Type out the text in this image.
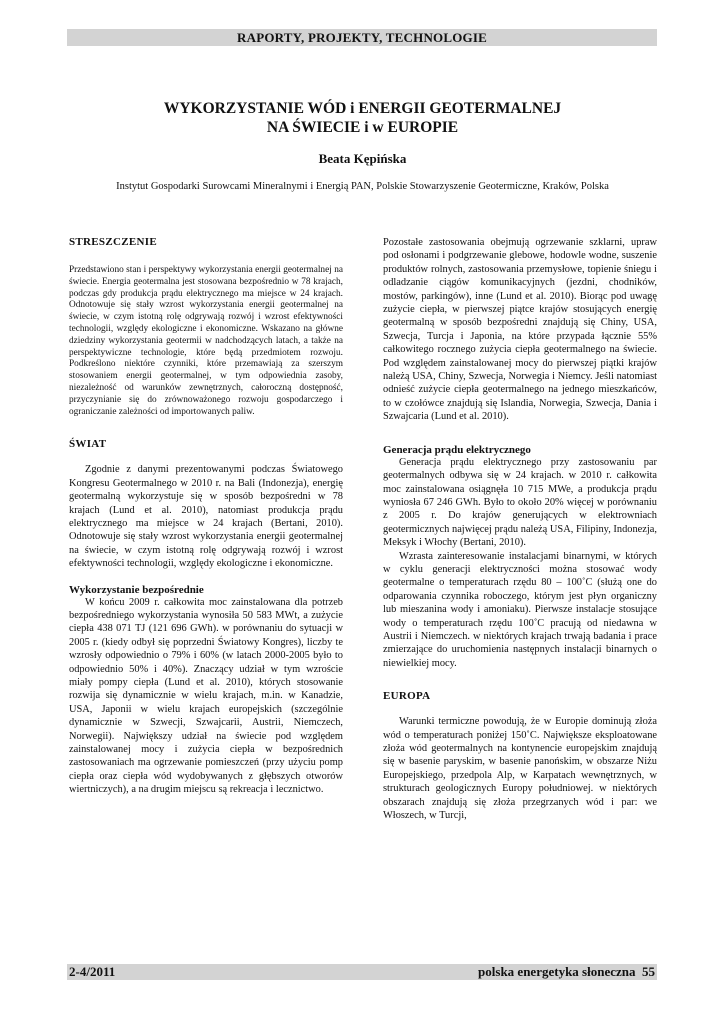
RAPORTY, PROJEKTY, TECHNOLOGIE
WYKORZYSTANIE WÓD i ENERGII GEOTERMALNEJ
NA ŚWIECIE i w EUROPIE
Beata Kępińska
Instytut Gospodarki Surowcami Mineralnymi i Energią PAN, Polskie Stowarzyszenie Geotermiczne, Kraków, Polska
STRESZCZENIE

Przedstawiono stan i perspektywy wykorzystania energii geotermalnej na świecie. Energia geotermalna jest stosowana bezpośrednio w 78 krajach, podczas gdy produkcja prądu elektrycznego ma miejsce w 24 krajach. Odnotowuje się stały wzrost wykorzystania energii geotermalnej na świecie, w czym istotną rolę odgrywają rozwój i wzrost efektywności technologii, względy ekologiczne i ekonomiczne. Wskazano na główne dziedziny wykorzystania geotermii w nadchodzących latach, a także na perspektywiczne technologie, które będą przedmiotem rozwoju. Podkreślono niektóre czynniki, które przemawiają za szerszym stosowaniem energii geotermalnej, w tym odpowiednia zasoby, niezależność od warunków zewnętrznych, całoroczną dostępność, przyczynianie się do zrównoważonego rozwoju gospodarczego i ograniczanie zależności od importowanych paliw.

ŚWIAT

Zgodnie z danymi prezentowanymi podczas Światowego Kongresu Geotermalnego w 2010 r. na Bali (Indonezja), energię geotermalną wykorzystuje się w sposób bezpośredni w 78 krajach (Lund et al. 2010), natomiast produkcja prądu elektrycznego ma miejsce w 24 krajach (Bertani, 2010). Odnotowuje się stały wzrost wykorzystania energii geotermalnej na świecie, w czym istotną rolę odgrywają rozwój i wzrost efektywności technologii, względy ekologiczne i ekonomiczne.

Wykorzystanie bezpośrednie

W końcu 2009 r. całkowita moc zainstalowana dla potrzeb bezpośredniego wykorzystania wynosiła 50 583 MWt, a zużycie ciepła 438 071 TJ (121 696 GWh). w porównaniu do sytuacji w 2005 r. (kiedy odbył się poprzedni Światowy Kongres), liczby te wzrosły odpowiednio o 79% i 60% (w latach 2000-2005 było to odpowiednio 50% i 40%). Znaczący udział w tym wzroście miały pompy ciepła (Lund et al. 2010), których stosowanie rozwija się dynamicznie w wielu krajach, m.in. w Kanadzie, USA, Japonii w wielu krajach europejskich (szczególnie dynamicznie w Szwecji, Szwajcarii, Austrii, Niemczech, Norwegii). Największy udział na świecie pod względem zainstalowanej mocy i zużycia ciepła w bezpośrednich zastosowaniach ma ogrzewanie pomieszczeń (przy użyciu pomp ciepła oraz ciepła wód wydobywanych z głębszych otworów wiertniczych), a na drugim miejscu są rekreacja i lecznictwo.

Pozostałe zastosowania obejmują ogrzewanie szklarni, upraw pod osłonami i podgrzewanie glebowe, hodowle wodne, suszenie produktów rolnych, zastosowania przemysłowe, topienie śniegu i odladzanie ciągów komunikacyjnych (jezdni, chodników, mostów, parkingów), inne (Lund et al. 2010). Biorąc pod uwagę zużycie ciepła, w pierwszej piątce krajów stosujących energię geotermalną w sposób bezpośredni znajdują się Chiny, USA, Szwecja, Turcja i Japonia, na które przypada łącznie 55% całkowitego rocznego zużycia ciepła geotermalnego na świecie. Pod względem zainstalowanej mocy do pierwszej piątki krajów należą USA, Chiny, Szwecja, Norwegia i Niemcy. Jeśli natomiast odnieść zużycie ciepła geotermalnego na jednego mieszkańców, to w czołówce znajdują się Islandia, Norwegia, Szwecja, Dania i Szwajcaria (Lund et al. 2010).

Generacja prądu elektrycznego

Generacja prądu elektrycznego przy zastosowaniu par geotermalnych odbywa się w 24 krajach. w 2010 r. całkowita moc zainstalowana osiągnęła 10 715 MWe, a produkcja prądu wyniosła 67 246 GWh. Było to około 20% więcej w porównaniu z 2005 r. Do krajów generujących w elektrowniach geotermicznych najwięcej prądu należą USA, Filipiny, Indonezja, Meksyk i Włochy (Bertani, 2010).

Wzrasta zainteresowanie instalacjami binarnymi, w których w cyklu generacji elektryczności można stosować wody geotermalne o temperaturach rzędu 80 – 100˚C (służą one do odparowania czynnika roboczego, którym jest płyn organiczny lub mieszanina wody i amoniaku). Pierwsze instalacje stosujące wody o temperaturach rzędu 100˚C pracują od niedawna w Austrii i Niemczech. w niektórych krajach trwają badania i prace zmierzające do uruchomienia następnych instalacji binarnych o niewielkiej mocy.

EUROPA

Warunki termiczne powodują, że w Europie dominują złoża wód o temperaturach poniżej 150˚C. Największe eksploatowane złoża wód geotermalnych na kontynencie europejskim znajdują się w basenie paryskim, w basenie panońskim, w obszarze Niżu Europejskiego, przedpola Alp, w Karpatach wewnętrznych, w strukturach geologicznych Europy południowej. w niektórych obszarach znajdują się złoża przegrzanych wód i par: we Włoszech, w Turcji,

2-4/2011	polska energetyka słoneczna 55
